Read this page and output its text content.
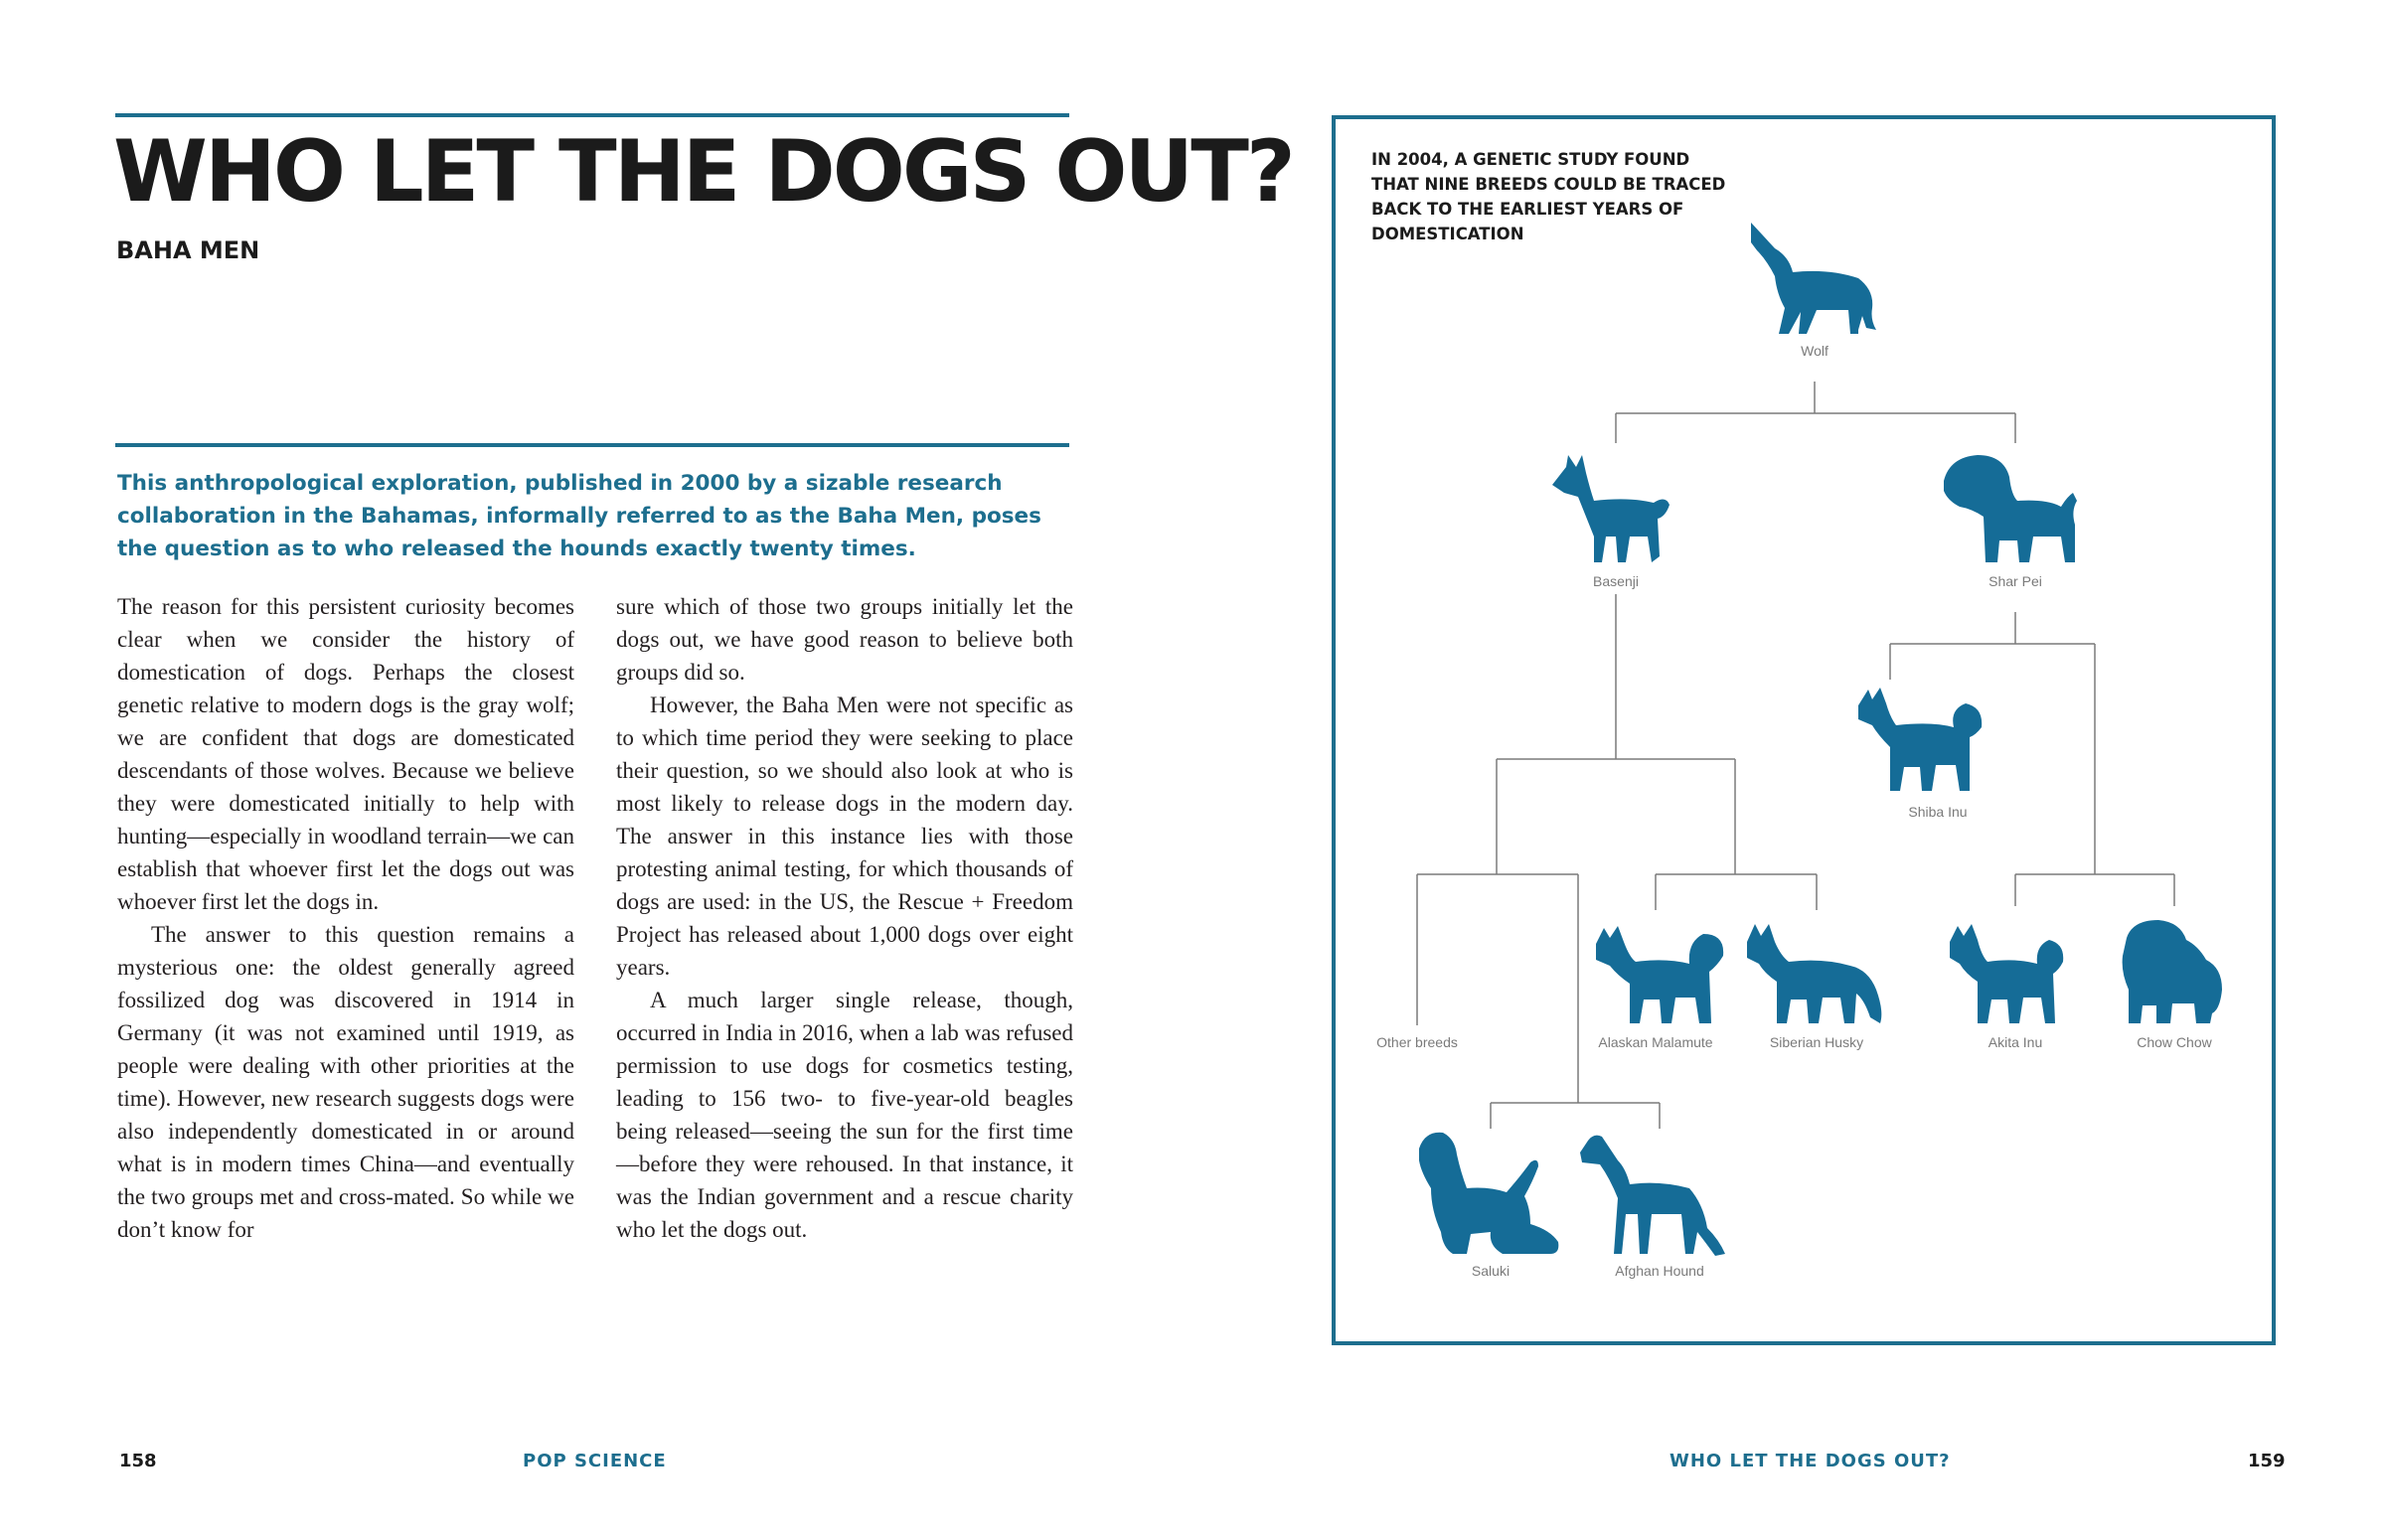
WHO LET THE DOGS OUT?
BAHA MEN

This anthropological exploration, published in 2000 by a sizable research collaboration in the Bahamas, informally referred to as the Baha Men, poses the question as to who released the hounds exactly twenty times.

The reason for this persistent curiosity becomes clear when we consider the history of domestication of dogs. Perhaps the closest genetic relative to modern dogs is the gray wolf; we are confident that dogs are domesticated descendants of those wolves. Because we believe they were domesticated initially to help with hunting—especially in woodland terrain—we can establish that whoever first let the dogs out was whoever first let the dogs in.

The answer to this question remains a mysterious one: the oldest generally agreed fossilized dog was discovered in 1914 in Germany (it was not examined until 1919, as people were dealing with other priorities at the time). However, new research suggests dogs were also independently domesticated in or around what is in modern times China—and eventually the two groups met and cross-mated. So while we don’t know for

sure which of those two groups initially let the dogs out, we have good reason to believe both groups did so.

However, the Baha Men were not specific as to which time period they were seeking to place their question, so we should also look at who is most likely to release dogs in the modern day. The answer in this instance lies with those protesting animal testing, for which thousands of dogs are used: in the US, the Rescue + Freedom Project has released about 1,000 dogs over eight years.

A much larger single release, though, occurred in India in 2016, when a lab was refused permission to use dogs for cosmetics testing, leading to 156 two- to five-year-old beagles being released—seeing the sun for the first time—before they were rehoused. In that instance, it was the Indian government and a rescue charity who let the dogs out.

IN 2004, A GENETIC STUDY FOUND THAT NINE BREEDS COULD BE TRACED BACK TO THE EARLIEST YEARS OF DOMESTICATION

Wolf
Basenji	Shar Pei
Shiba Inu
Other breeds	Alaskan Malamute	Siberian Husky	Akita Inu	Chow Chow
Saluki	Afghan Hound
158	POP SCIENCE	WHO LET THE DOGS OUT?	159
